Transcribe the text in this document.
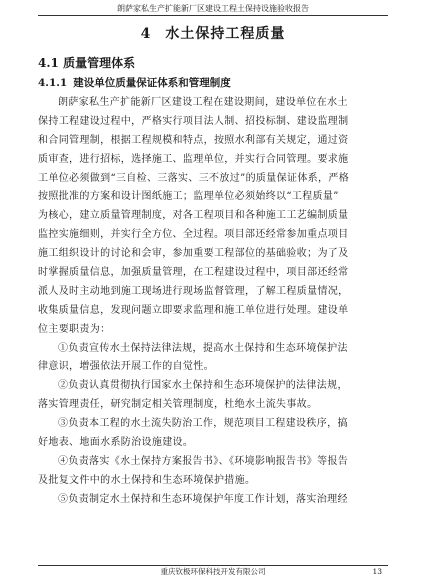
朗萨家私生产扩能新厂区建设工程土保持设施验收报告
4 水土保持工程质量
4.1 质量管理体系
4.1.1 建设单位质量保证体系和管理制度
朗萨家私生产扩能新厂区建设工程在建设期间，建设单位在水土
保持工程建设过程中，严格实行项目法人制、招投标制、建设监理制
和合同管理制，根据工程规模和特点，按照水利部有关规定，通过资
质审查，进行招标，选择施工、监理单位，并实行合同管理。要求施
工单位必须做到“三自检、三落实、三不放过”的质量保证体系，严格
按照批准的方案和设计图纸施工；监理单位必须始终以“工程质量”
为核心，建立质量管理制度，对各工程项目和各种施工工艺编制质量
监控实施细则，并实行全方位、全过程。项目部还经常参加重点项目
施工组织设计的讨论和会审，参加重要工程部位的基础验收；为了及
时掌握质量信息，加强质量管理，在工程建设过程中，项目部还经常
派人及时主动地到施工现场进行现场监督管理，了解工程质量情况，
收集质量信息，发现问题立即要求监理和施工单位进行处理。建设单
位主要职责为：
①负责宣传水土保持法律法规，提高水土保持和生态环境保护法
律意识，增强依法开展工作的自觉性。
②负责认真贯彻执行国家水土保持和生态环境保护的法律法规，
落实管理责任，研究制定相关管理制度，杜绝水土流失事故。
③负责本工程的水土流失防治工作，规范项目工程建设秩序，搞
好地表、地面水系防治设施建设。
④负责落实《水土保持方案报告书》、《环境影响报告书》等报告
及批复文件中的水土保持和生态环境保护措施。
⑤负责制定水土保持和生态环境保护年度工作计划，落实治理经
重庆钦极环保科技开发有限公司	13
